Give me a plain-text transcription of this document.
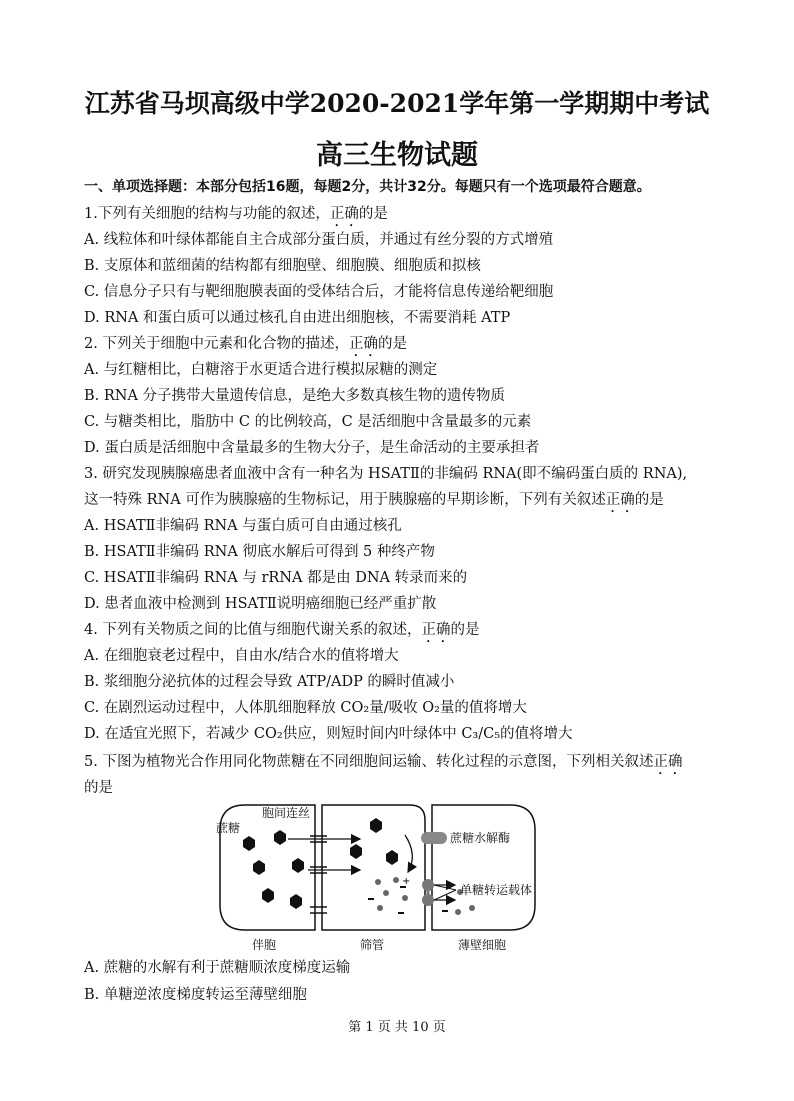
江苏省马坝高级中学2020-2021学年第一学期期中考试
高三生物试题
一、单项选择题：本部分包括16题，每题2分，共计32分。每题只有一个选项最符合题意。
1.下列有关细胞的结构与功能的叙述，正确的是
A. 线粒体和叶绿体都能自主合成部分蛋白质，并通过有丝分裂的方式增殖
B. 支原体和蓝细菌的结构都有细胞壁、细胞膜、细胞质和拟核
C. 信息分子只有与靶细胞膜表面的受体结合后，才能将信息传递给靶细胞
D. RNA 和蛋白质可以通过核孔自由进出细胞核，不需要消耗 ATP
2. 下列关于细胞中元素和化合物的描述，正确的是
A. 与红糖相比，白糖溶于水更适合进行模拟尿糖的测定
B. RNA 分子携带大量遗传信息，是绝大多数真核生物的遗传物质
C. 与糖类相比，脂肪中 C 的比例较高，C 是活细胞中含量最多的元素
D. 蛋白质是活细胞中含量最多的生物大分子，是生命活动的主要承担者
3. 研究发现胰腺癌患者血液中含有一种名为 HSATⅡ的非编码 RNA(即不编码蛋白质的 RNA),
这一特殊 RNA 可作为胰腺癌的生物标记，用于胰腺癌的早期诊断，下列有关叙述正确的是
A. HSATⅡ非编码 RNA 与蛋白质可自由通过核孔
B. HSATⅡ非编码 RNA 彻底水解后可得到 5 种终产物
C. HSATⅡ非编码 RNA 与 rRNA 都是由 DNA 转录而来的
D. 患者血液中检测到 HSATⅡ说明癌细胞已经严重扩散
4. 下列有关物质之间的比值与细胞代谢关系的叙述，正确的是
A. 在细胞衰老过程中，自由水/结合水的值将增大
B. 浆细胞分泌抗体的过程会导致 ATP/ADP 的瞬时值减小
C. 在剧烈运动过程中，人体肌细胞释放 CO₂量/吸收 O₂量的值将增大
D. 在适宜光照下，若减少 CO₂供应，则短时间内叶绿体中 C₃/C₅的值将增大
5. 下图为植物光合作用同化物蔗糖在不同细胞间运输、转化过程的示意图，下列相关叙述正确
的是
+
蔗糖
胞间连丝
蔗糖水解酶
单糖转运载体
伴胞	筛管	薄壁细胞
A. 蔗糖的水解有利于蔗糖顺浓度梯度运输
B. 单糖逆浓度梯度转运至薄壁细胞
第 1 页 共 10 页
